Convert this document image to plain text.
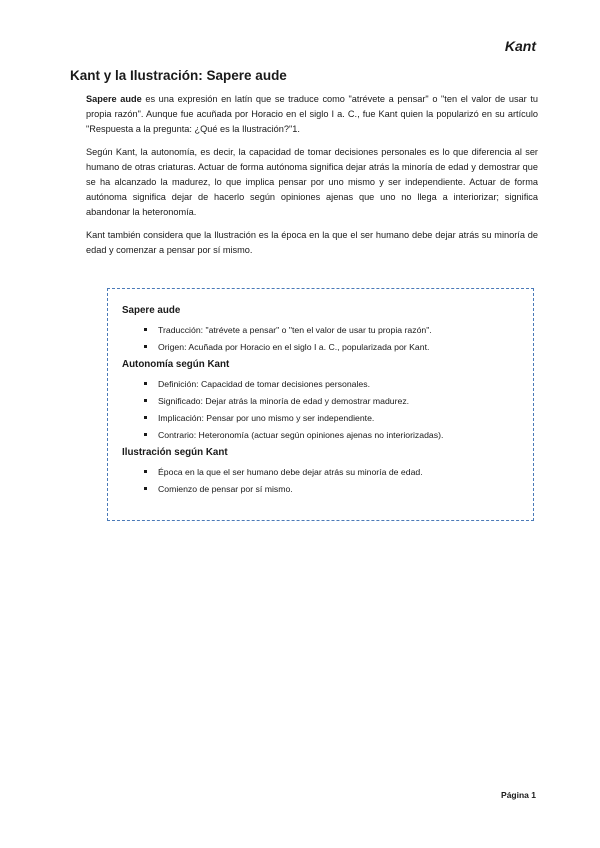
Kant
Kant y la Ilustración: Sapere aude

Sapere aude es una expresión en latín que se traduce como "atrévete a pensar" o "ten el valor de usar tu propia razón". Aunque fue acuñada por Horacio en el siglo I a. C., fue Kant quien la popularizó en su artículo "Respuesta a la pregunta: ¿Qué es la Ilustración?"1.

Según Kant, la autonomía, es decir, la capacidad de tomar decisiones personales es lo que diferencia al ser humano de otras criaturas. Actuar de forma autónoma significa dejar atrás la minoría de edad y demostrar que se ha alcanzado la madurez, lo que implica pensar por uno mismo y ser independiente. Actuar de forma autónoma significa dejar de hacerlo según opiniones ajenas que uno no llega a interiorizar; significa abandonar la heteronomía.

Kant también considera que la Ilustración es la época en la que el ser humano debe dejar atrás su minoría de edad y comenzar a pensar por sí mismo.

Sapere aude
Traducción: "atrévete a pensar" o "ten el valor de usar tu propia razón".
Origen: Acuñada por Horacio en el siglo I a. C., popularizada por Kant.
Autonomía según Kant
Definición: Capacidad de tomar decisiones personales.
Significado: Dejar atrás la minoría de edad y demostrar madurez.
Implicación: Pensar por uno mismo y ser independiente.
Contrario: Heteronomía (actuar según opiniones ajenas no interiorizadas).
Ilustración según Kant
Época en la que el ser humano debe dejar atrás su minoría de edad.
Comienzo de pensar por sí mismo.
Página 1
